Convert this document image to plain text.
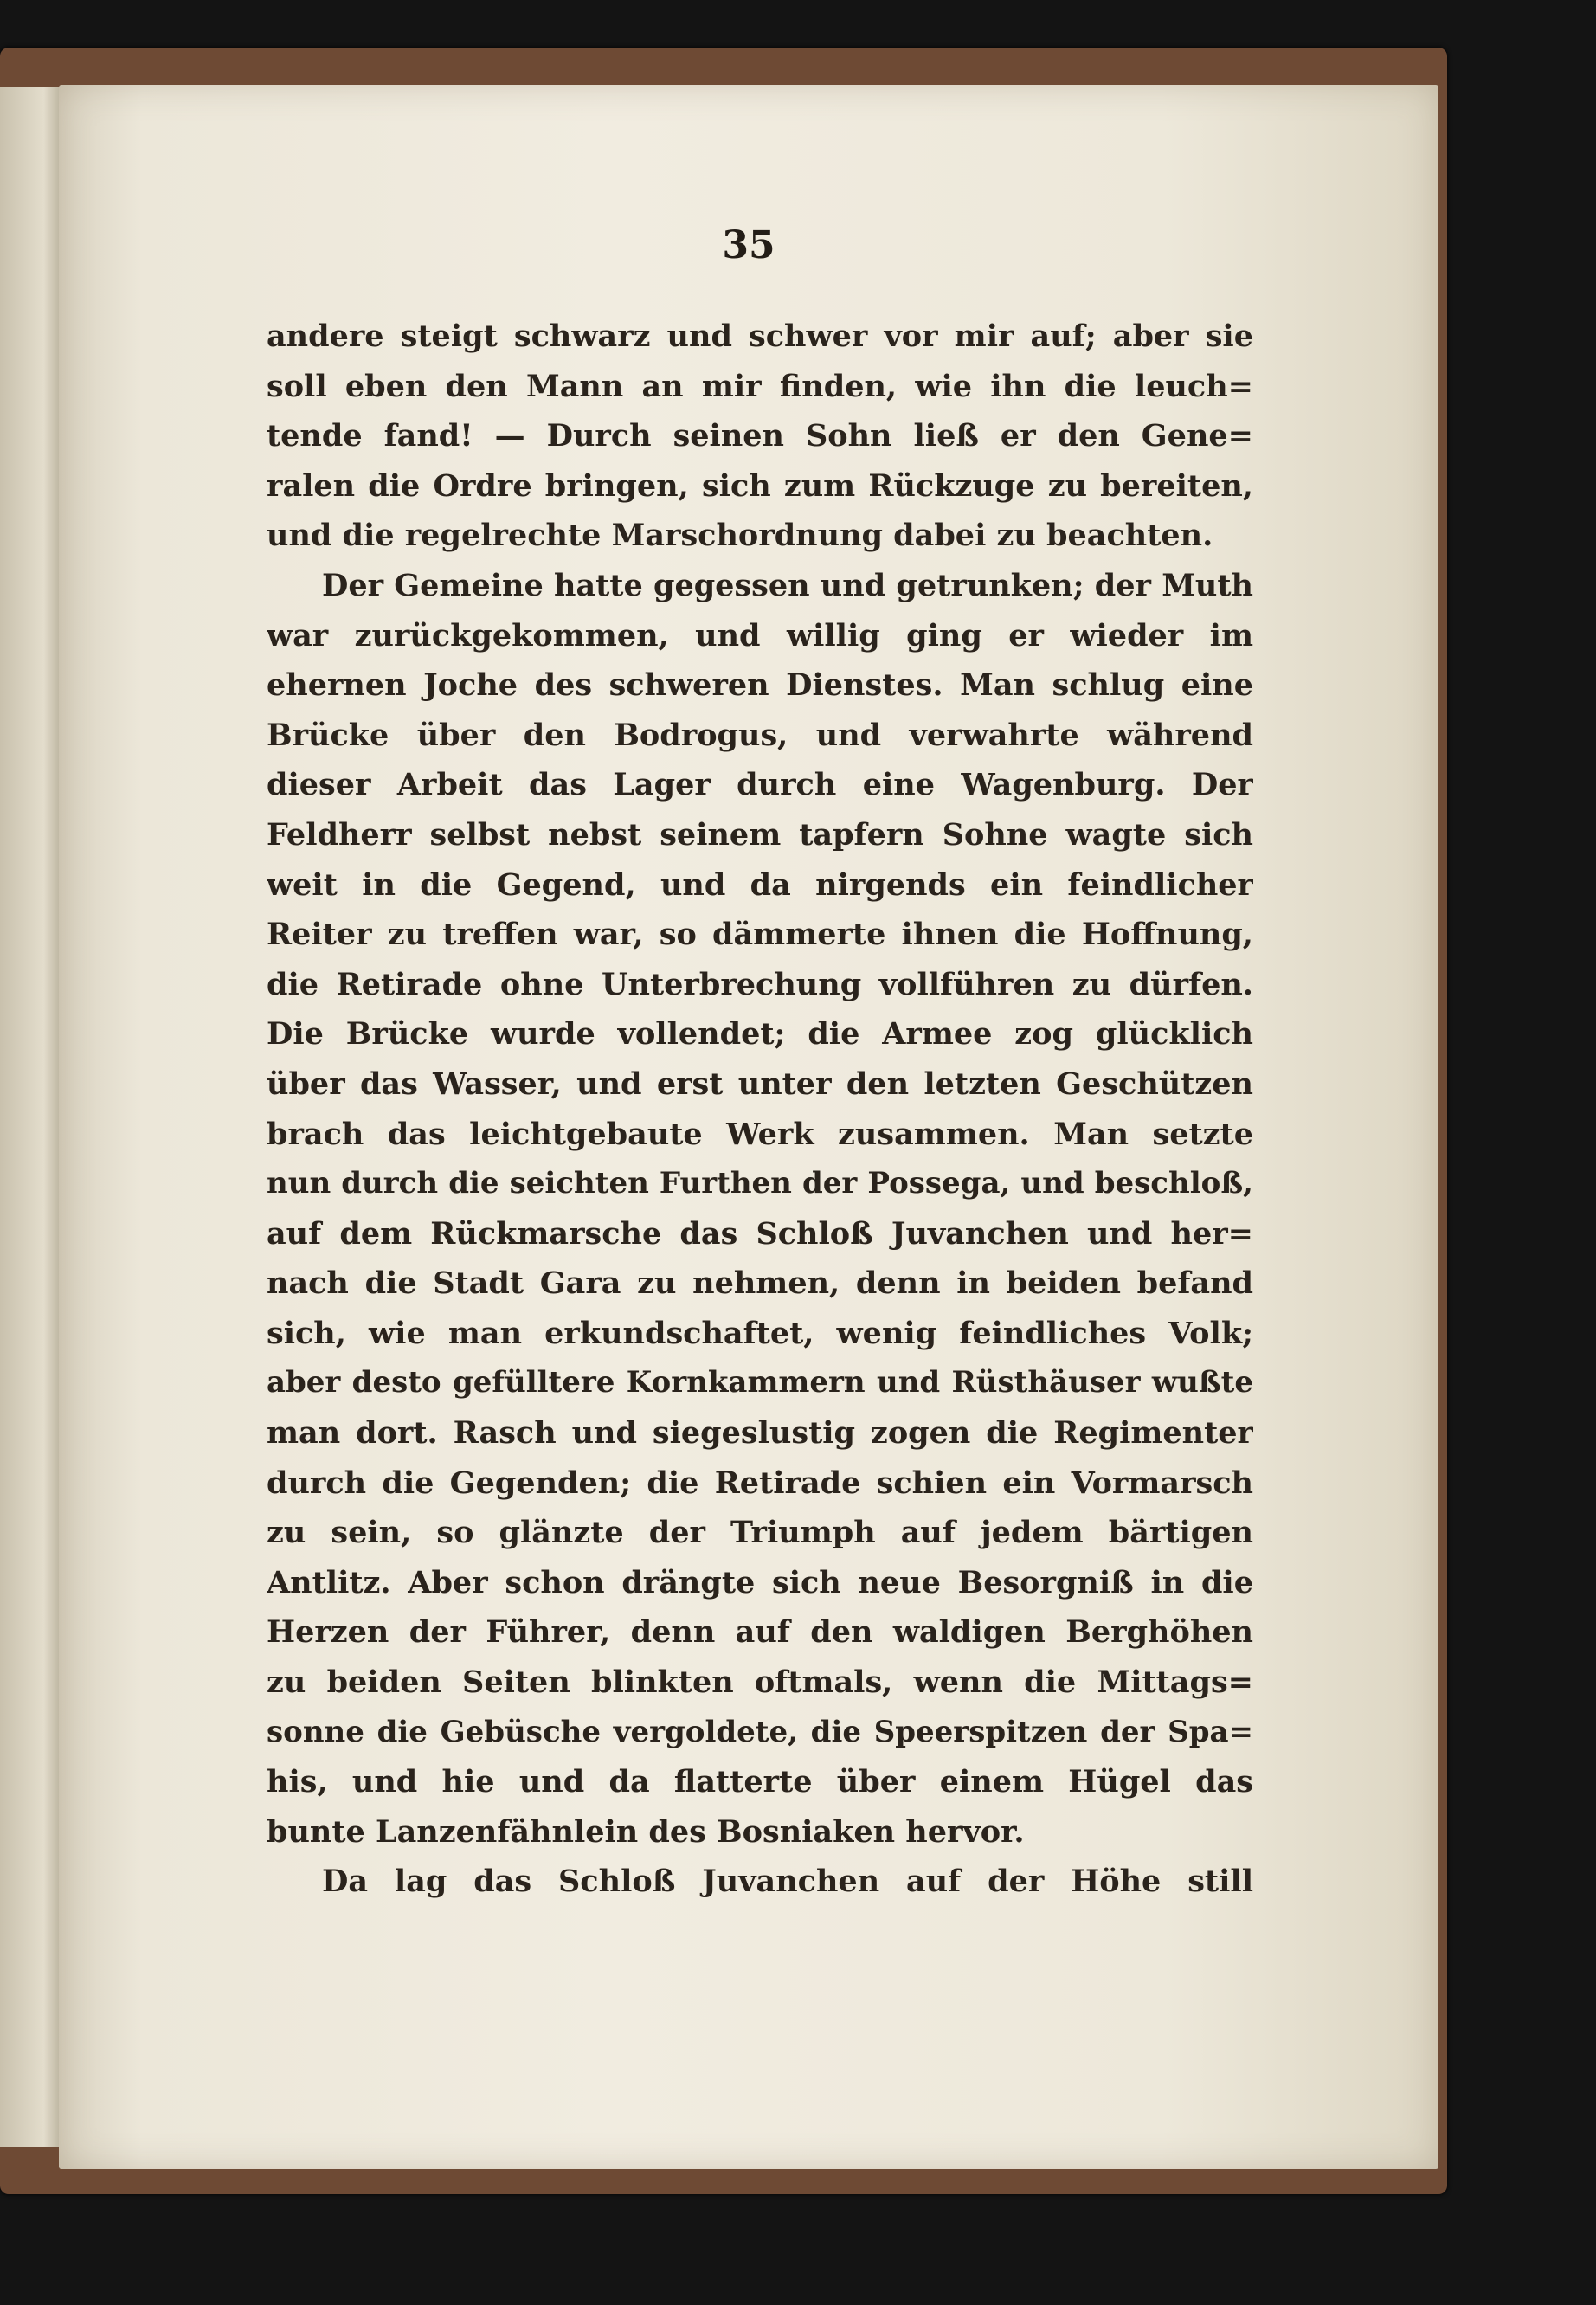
35
andere steigt schwarz und schwer vor mir auf; aber sie
soll eben den Mann an mir finden, wie ihn die leuch=
tende fand! — Durch seinen Sohn ließ er den Gene=
ralen die Ordre bringen, sich zum Rückzuge zu bereiten,
und die regelrechte Marschordnung dabei zu beachten.
Der Gemeine hatte gegessen und getrunken; der Muth
war zurückgekommen, und willig ging er wieder im
ehernen Joche des schweren Dienstes. Man schlug eine
Brücke über den Bodrogus, und verwahrte während
dieser Arbeit das Lager durch eine Wagenburg. Der
Feldherr selbst nebst seinem tapfern Sohne wagte sich
weit in die Gegend, und da nirgends ein feindlicher
Reiter zu treffen war, so dämmerte ihnen die Hoffnung,
die Retirade ohne Unterbrechung vollführen zu dürfen.
Die Brücke wurde vollendet; die Armee zog glücklich
über das Wasser, und erst unter den letzten Geschützen
brach das leichtgebaute Werk zusammen. Man setzte
nun durch die seichten Furthen der Possega, und beschloß,
auf dem Rückmarsche das Schloß Juvanchen und her=
nach die Stadt Gara zu nehmen, denn in beiden befand
sich, wie man erkundschaftet, wenig feindliches Volk;
aber desto gefülltere Kornkammern und Rüsthäuser wußte
man dort. Rasch und siegeslustig zogen die Regimenter
durch die Gegenden; die Retirade schien ein Vormarsch
zu sein, so glänzte der Triumph auf jedem bärtigen
Antlitz. Aber schon drängte sich neue Besorgniß in die
Herzen der Führer, denn auf den waldigen Berghöhen
zu beiden Seiten blinkten oftmals, wenn die Mittags=
sonne die Gebüsche vergoldete, die Speerspitzen der Spa=
his, und hie und da flatterte über einem Hügel das
bunte Lanzenfähnlein des Bosniaken hervor.
Da lag das Schloß Juvanchen auf der Höhe still
